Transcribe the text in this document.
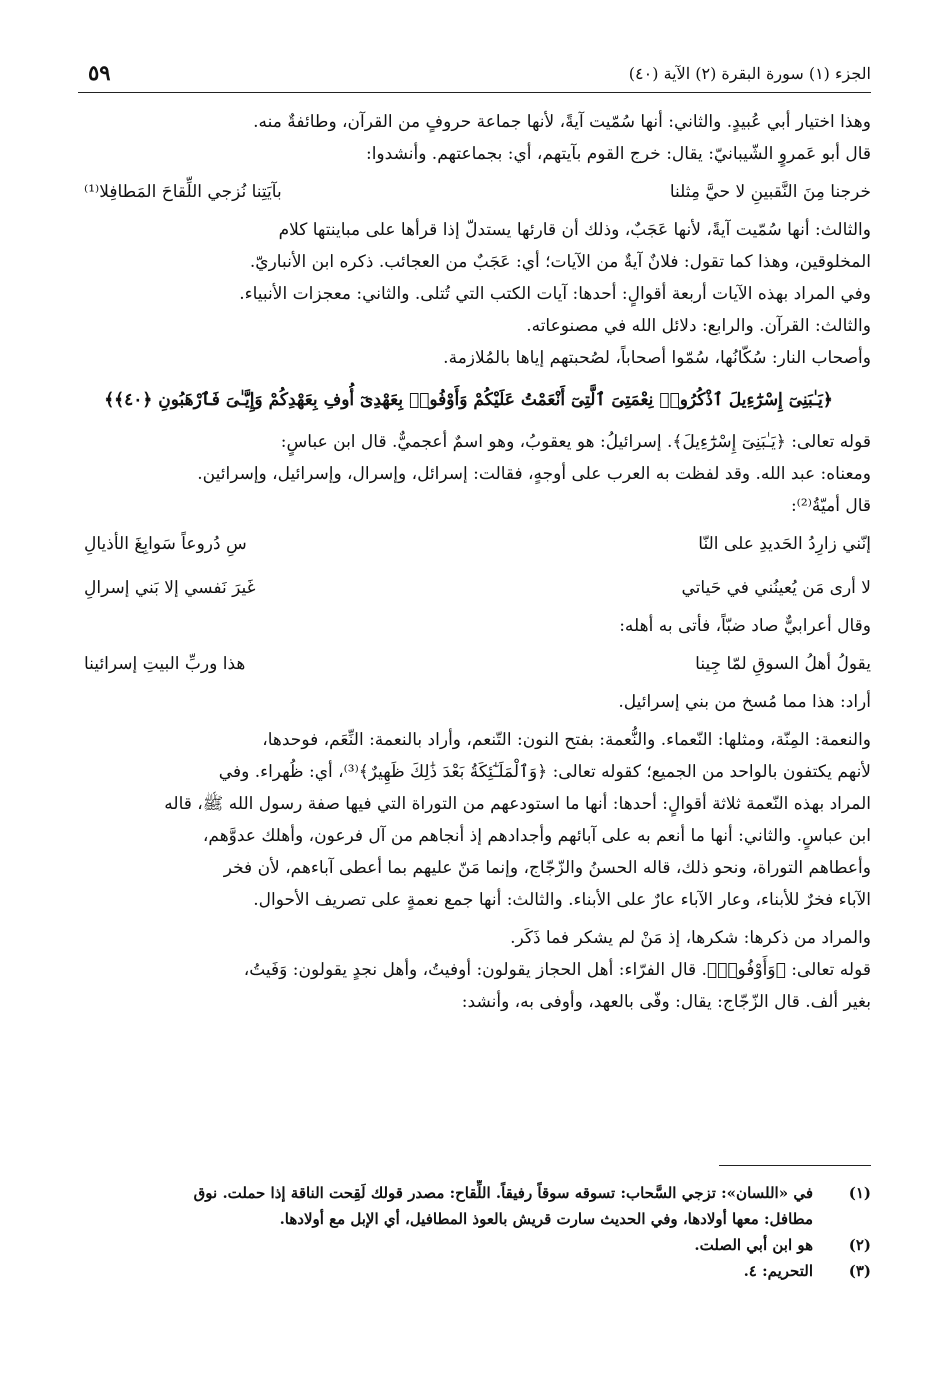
الجزء (١) سورة البقرة (٢) الآية (٤٠)
٥٩

وهذا اختيار أبي عُبيدٍ. والثاني: أنها سُمّيت آيةً، لأنها جماعة حروفٍ من القرآن، وطائفةٌ منه.

قال أبو عَمروٍ الشّيبانيّ: يقال: خرج القوم بآيتهم، أي: بجماعتهم. وأنشدوا:

خرجنا مِنَ النَّقبينِ لا حيَّ مِثلنا
بآيَتِنا نُزجي اللِّقاحَ المَطافِلا⁽¹⁾

والثالث: أنها سُمّيت آيةً، لأنها عَجَبٌ، وذلك أن قارئها يستدلّ إذا قرأها على مباينتها كلام

المخلوقين، وهذا كما تقول: فلانٌ آيةٌ من الآيات؛ أي: عَجَبٌ من العجائب. ذكره ابن الأنباريّ.

وفي المراد بهذه الآيات أربعة أقوالٍ: أحدها: آيات الكتب التي تُتلى. والثاني: معجزات الأنبياء.

والثالث: القرآن. والرابع: دلائل الله في مصنوعاته.

وأصحاب النار: سُكّانُها، سُمّوا أصحاباً، لصُحبتهم إياها بالمُلازمة.

﴿يَـٰبَنِىٓ إِسْرَٰٓءِيلَ ٱذْكُرُوا۟ نِعْمَتِىَ ٱلَّتِىٓ أَنْعَمْتُ عَلَيْكُمْ وَأَوْفُوا۟ بِعَهْدِىٓ أُوفِ بِعَهْدِكُمْ وَإِيَّـٰىَ فَٱرْهَبُونِ ﴿٤٠﴾﴾

قوله تعالى: ﴿يَـٰبَنِىٓ إِسْرَٰٓءِيلَ﴾. إسرائيلُ: هو يعقوبُ، وهو اسمٌ أعجميٌّ. قال ابن عباسٍ:

ومعناه: عبد الله. وقد لفظت به العرب على أوجهٍ، فقالت: إسرائل، وإسرال، وإسرائيل، وإسرائين.

قال أميّةُ⁽²⁾:

إنّني زارِدُ الحَديدِ على النّا
سِ دُروعاً سَوابِغَ الأذيالِ
لا أرى مَن يُعينُني في حَياتي
غَيرَ نَفسي إلا بَني إسرالِ

وقال أعرابيٌّ صاد ضبّاً، فأتى به أهله:

يقولُ أهلُ السوقِ لمّا جِينا
هذا وربِّ البيتِ إسرائينا

أراد: هذا مما مُسخ من بني إسرائيل.

والنعمة: المِنّة، ومثلها: النّعماء. والنُّعمة: بفتح النون: التّنعم، وأراد بالنعمة: النِّعَم، فوحدها،

لأنهم يكتفون بالواحد من الجميع؛ كقوله تعالى: ﴿وَٱلْمَلَـٰٓئِكَةُ بَعْدَ ذَٰلِكَ ظَهِيرٌ﴾⁽³⁾، أي: ظُهراء. وفي

المراد بهذه النّعمة ثلاثة أقوالٍ: أحدها: أنها ما استودعهم من التوراة التي فيها صفة رسول الله ﷺ، قاله

ابن عباسٍ. والثاني: أنها ما أنعم به على آبائهم وأجدادهم إذ أنجاهم من آل فرعون، وأهلك عدوَّهم،

وأعطاهم التوراة، ونحو ذلك، قاله الحسنُ والزّجّاج، وإنما مَنّ عليهم بما أعطى آباءهم، لأن فخر

الآباء فخرٌ للأبناء، وعار الآباء عارٌ على الأبناء. والثالث: أنها جمع نعمةٍ على تصريف الأحوال.

والمراد من ذكرها: شكرها، إذ مَنْ لم يشكر فما ذَكَر.

قوله تعالى: ﴿وَأَوْفُوا۟﴾. قال الفرّاء: أهل الحجاز يقولون: أوفيتُ، وأهل نجدٍ يقولون: وَفَيتُ،

بغير ألف. قال الزّجّاج: يقال: وفّى بالعهد، وأوفى به، وأنشد:

(١)
في «اللسان»: تزجي السَّحاب: تسوقه سوقاً رفيقاً. اللِّقاح: مصدر قولك لَقِحت الناقة إذا حملت. نوق
مطافل: معها أولادها، وفي الحديث سارت قريش بالعوذ المطافيل، أي الإبل مع أولادها.
(٢)
هو ابن أبي الصلت.
(٣)
التحريم: ٤.
